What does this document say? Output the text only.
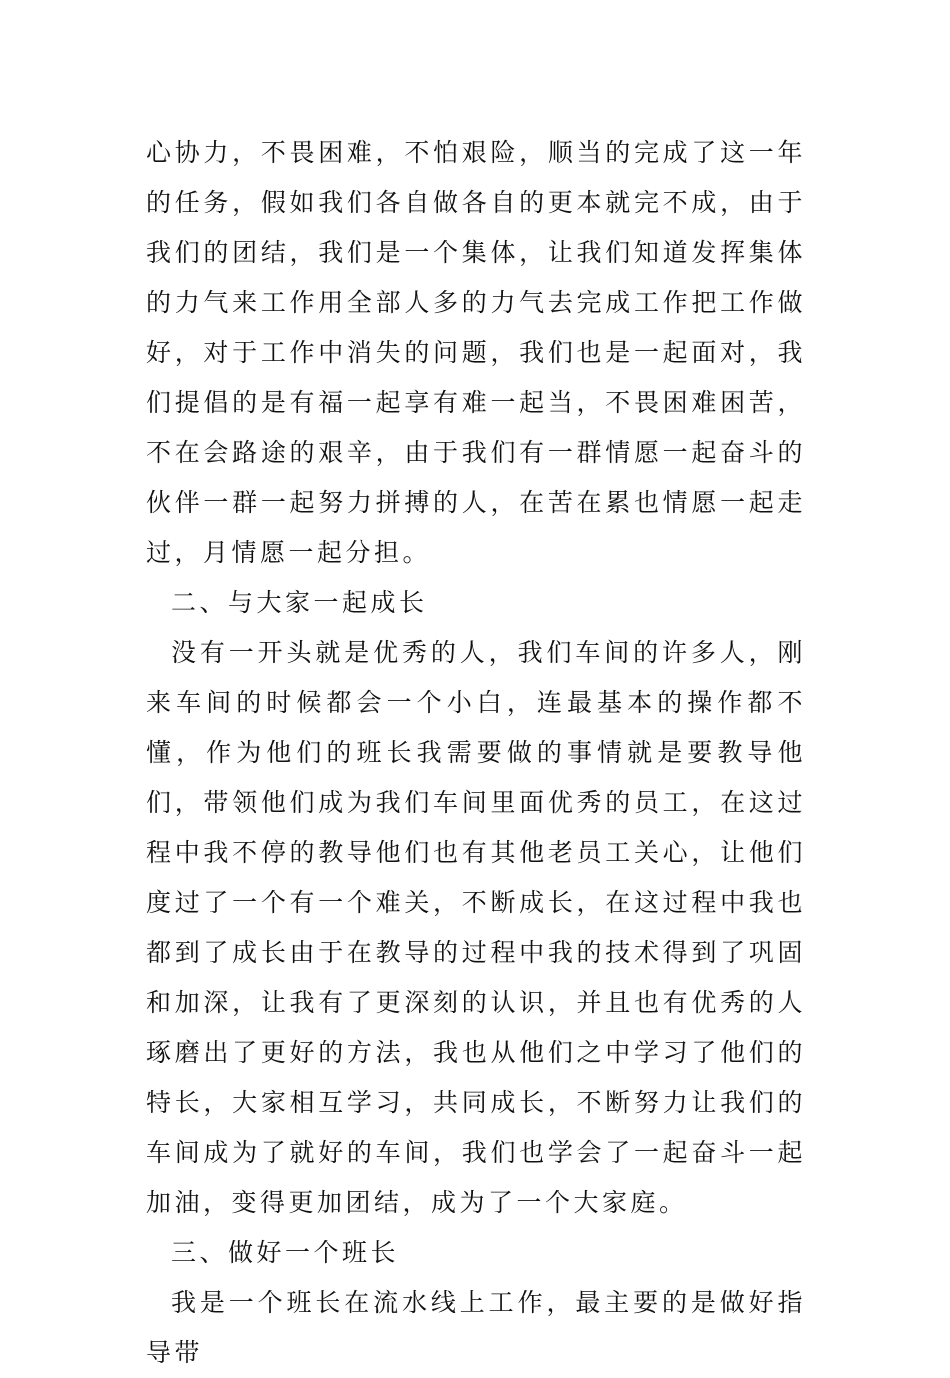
心协力，不畏困难，不怕艰险，顺当的完成了这一年的任务，假如我们各自做各自的更本就完不成，由于我们的团结，我们是一个集体，让我们知道发挥集体的力气来工作用全部人多的力气去完成工作把工作做好，对于工作中消失的问题，我们也是一起面对，我们提倡的是有福一起享有难一起当，不畏困难困苦，不在会路途的艰辛，由于我们有一群情愿一起奋斗的伙伴一群一起努力拼搏的人，在苦在累也情愿一起走过，月情愿一起分担。

二、与大家一起成长

没有一开头就是优秀的人，我们车间的许多人，刚来车间的时候都会一个小白，连最基本的操作都不懂，作为他们的班长我需要做的事情就是要教导他们，带领他们成为我们车间里面优秀的员工，在这过程中我不停的教导他们也有其他老员工关心，让他们度过了一个有一个难关，不断成长，在这过程中我也都到了成长由于在教导的过程中我的技术得到了巩固和加深，让我有了更深刻的认识，并且也有优秀的人琢磨出了更好的方法，我也从他们之中学习了他们的特长，大家相互学习，共同成长，不断努力让我们的车间成为了就好的车间，我们也学会了一起奋斗一起加油，变得更加团结，成为了一个大家庭。

三、做好一个班长

我是一个班长在流水线上工作，最主要的是做好指导带
